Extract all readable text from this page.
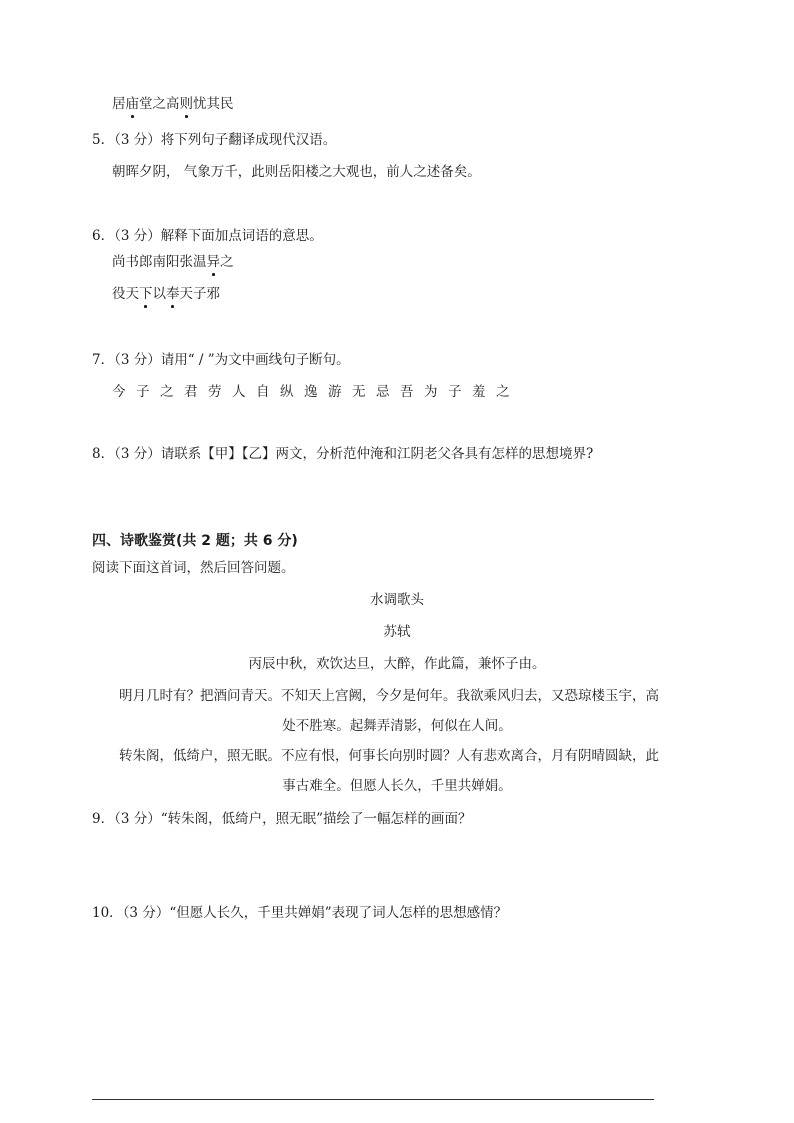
居庙堂之高则忧其民
5．（3 分）将下列句子翻译成现代汉语。
朝晖夕阴， 气象万千，此则岳阳楼之大观也，前人之述备矣。
6．（3 分）解释下面加点词语的意思。
尚书郎南阳张温异之
役天下以奉天子邪
7．（3 分）请用“ / ”为文中画线句子断句。
今子之君劳人自纵逸游无忌吾为子羞之
8．（3 分）请联系【甲】【乙】两文，分析范仲淹和江阴老父各具有怎样的思想境界?
四、诗歌鉴赏(共 2 题；共 6 分)
阅读下面这首词，然后回答问题。
水调歌头
苏轼
丙辰中秋，欢饮达旦，大醉，作此篇，兼怀子由。
明月几时有？把酒问青天。不知天上宫阙，今夕是何年。我欲乘风归去，又恐琼楼玉宇，高
处不胜寒。起舞弄清影，何似在人间。
转朱阁，低绮户，照无眠。不应有恨，何事长向别时圆？人有悲欢离合，月有阴晴圆缺，此
事古难全。但愿人长久，千里共婵娟。
9．（3 分）“转朱阁，低绮户，照无眠”描绘了一幅怎样的画面？
10．（3 分）“但愿人长久，千里共婵娟”表现了词人怎样的思想感情？
